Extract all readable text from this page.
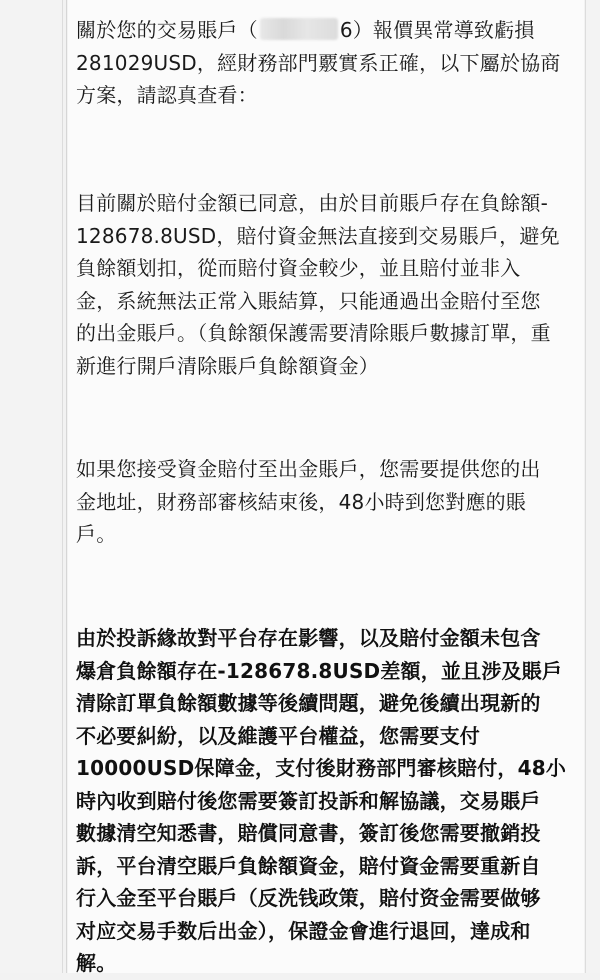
關於您的交易賬戶（	6）報價異常導致虧損
281029USD，經財務部門覈實系正確，以下屬於協商
方案，請認真查看：
目前關於賠付金額已同意，由於目前賬戶存在負餘額-
128678.8USD，賠付資金無法直接到交易賬戶，避免
負餘額划扣，從而賠付資金較少，並且賠付並非入
金，系統無法正常入賬結算，只能通過出金賠付至您
的出金賬戶。（負餘額保護需要清除賬戶數據訂單，重
新進行開戶清除賬戶負餘額資金）
如果您接受資金賠付至出金賬戶，您需要提供您的出
金地址，財務部審核結束後，48小時到您對應的賬
戶。
由於投訴緣故對平台存在影響，以及賠付金額未包含
爆倉負餘額存在-128678.8USD差額，並且涉及賬戶
清除訂單負餘額數據等後續問題，避免後續出現新的
不必要糾紛，以及維護平台權益，您需要支付
10000USD保障金，支付後財務部門審核賠付，48小
時內收到賠付後您需要簽訂投訴和解協議，交易賬戶
數據清空知悉書，賠償同意書，簽訂後您需要撤銷投
訴，平台清空賬戶負餘額資金，賠付資金需要重新自
行入金至平台賬戶（反洗钱政策，賠付资金需要做够
对应交易手数后出金），保證金會進行退回，達成和
解。
